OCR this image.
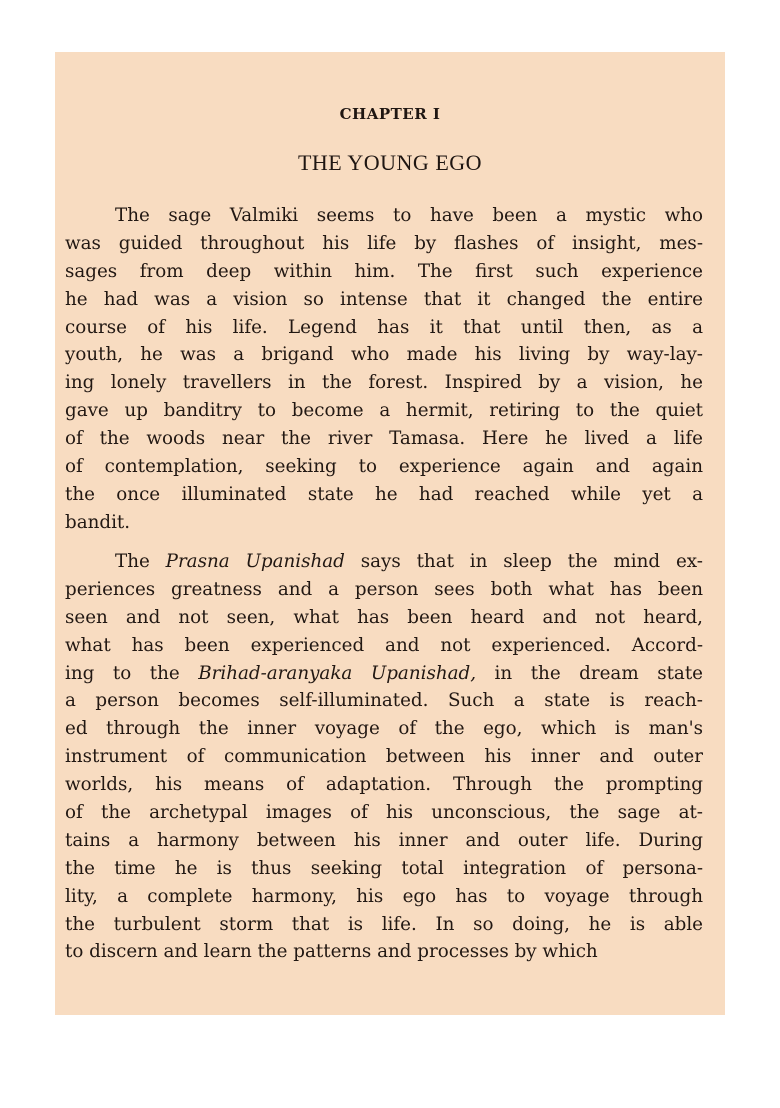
CHAPTER I
THE YOUNG EGO
The sage Valmiki seems to have been a mystic who
was guided throughout his life by flashes of insight, mes-
sages from deep within him. The first such experience
he had was a vision so intense that it changed the entire
course of his life. Legend has it that until then, as a
youth, he was a brigand who made his living by way-lay-
ing lonely travellers in the forest. Inspired by a vision, he
gave up banditry to become a hermit, retiring to the quiet
of the woods near the river Tamasa. Here he lived a life
of contemplation, seeking to experience again and again
the once illuminated state he had reached while yet a
bandit.
The Prasna Upanishad says that in sleep the mind ex-
periences greatness and a person sees both what has been
seen and not seen, what has been heard and not heard,
what has been experienced and not experienced. Accord-
ing to the Brihad-aranyaka Upanishad, in the dream state
a person becomes self-illuminated. Such a state is reach-
ed through the inner voyage of the ego, which is man's
instrument of communication between his inner and outer
worlds, his means of adaptation. Through the prompting
of the archetypal images of his unconscious, the sage at-
tains a harmony between his inner and outer life. During
the time he is thus seeking total integration of persona-
lity, a complete harmony, his ego has to voyage through
the turbulent storm that is life. In so doing, he is able
to discern and learn the patterns and processes by which
